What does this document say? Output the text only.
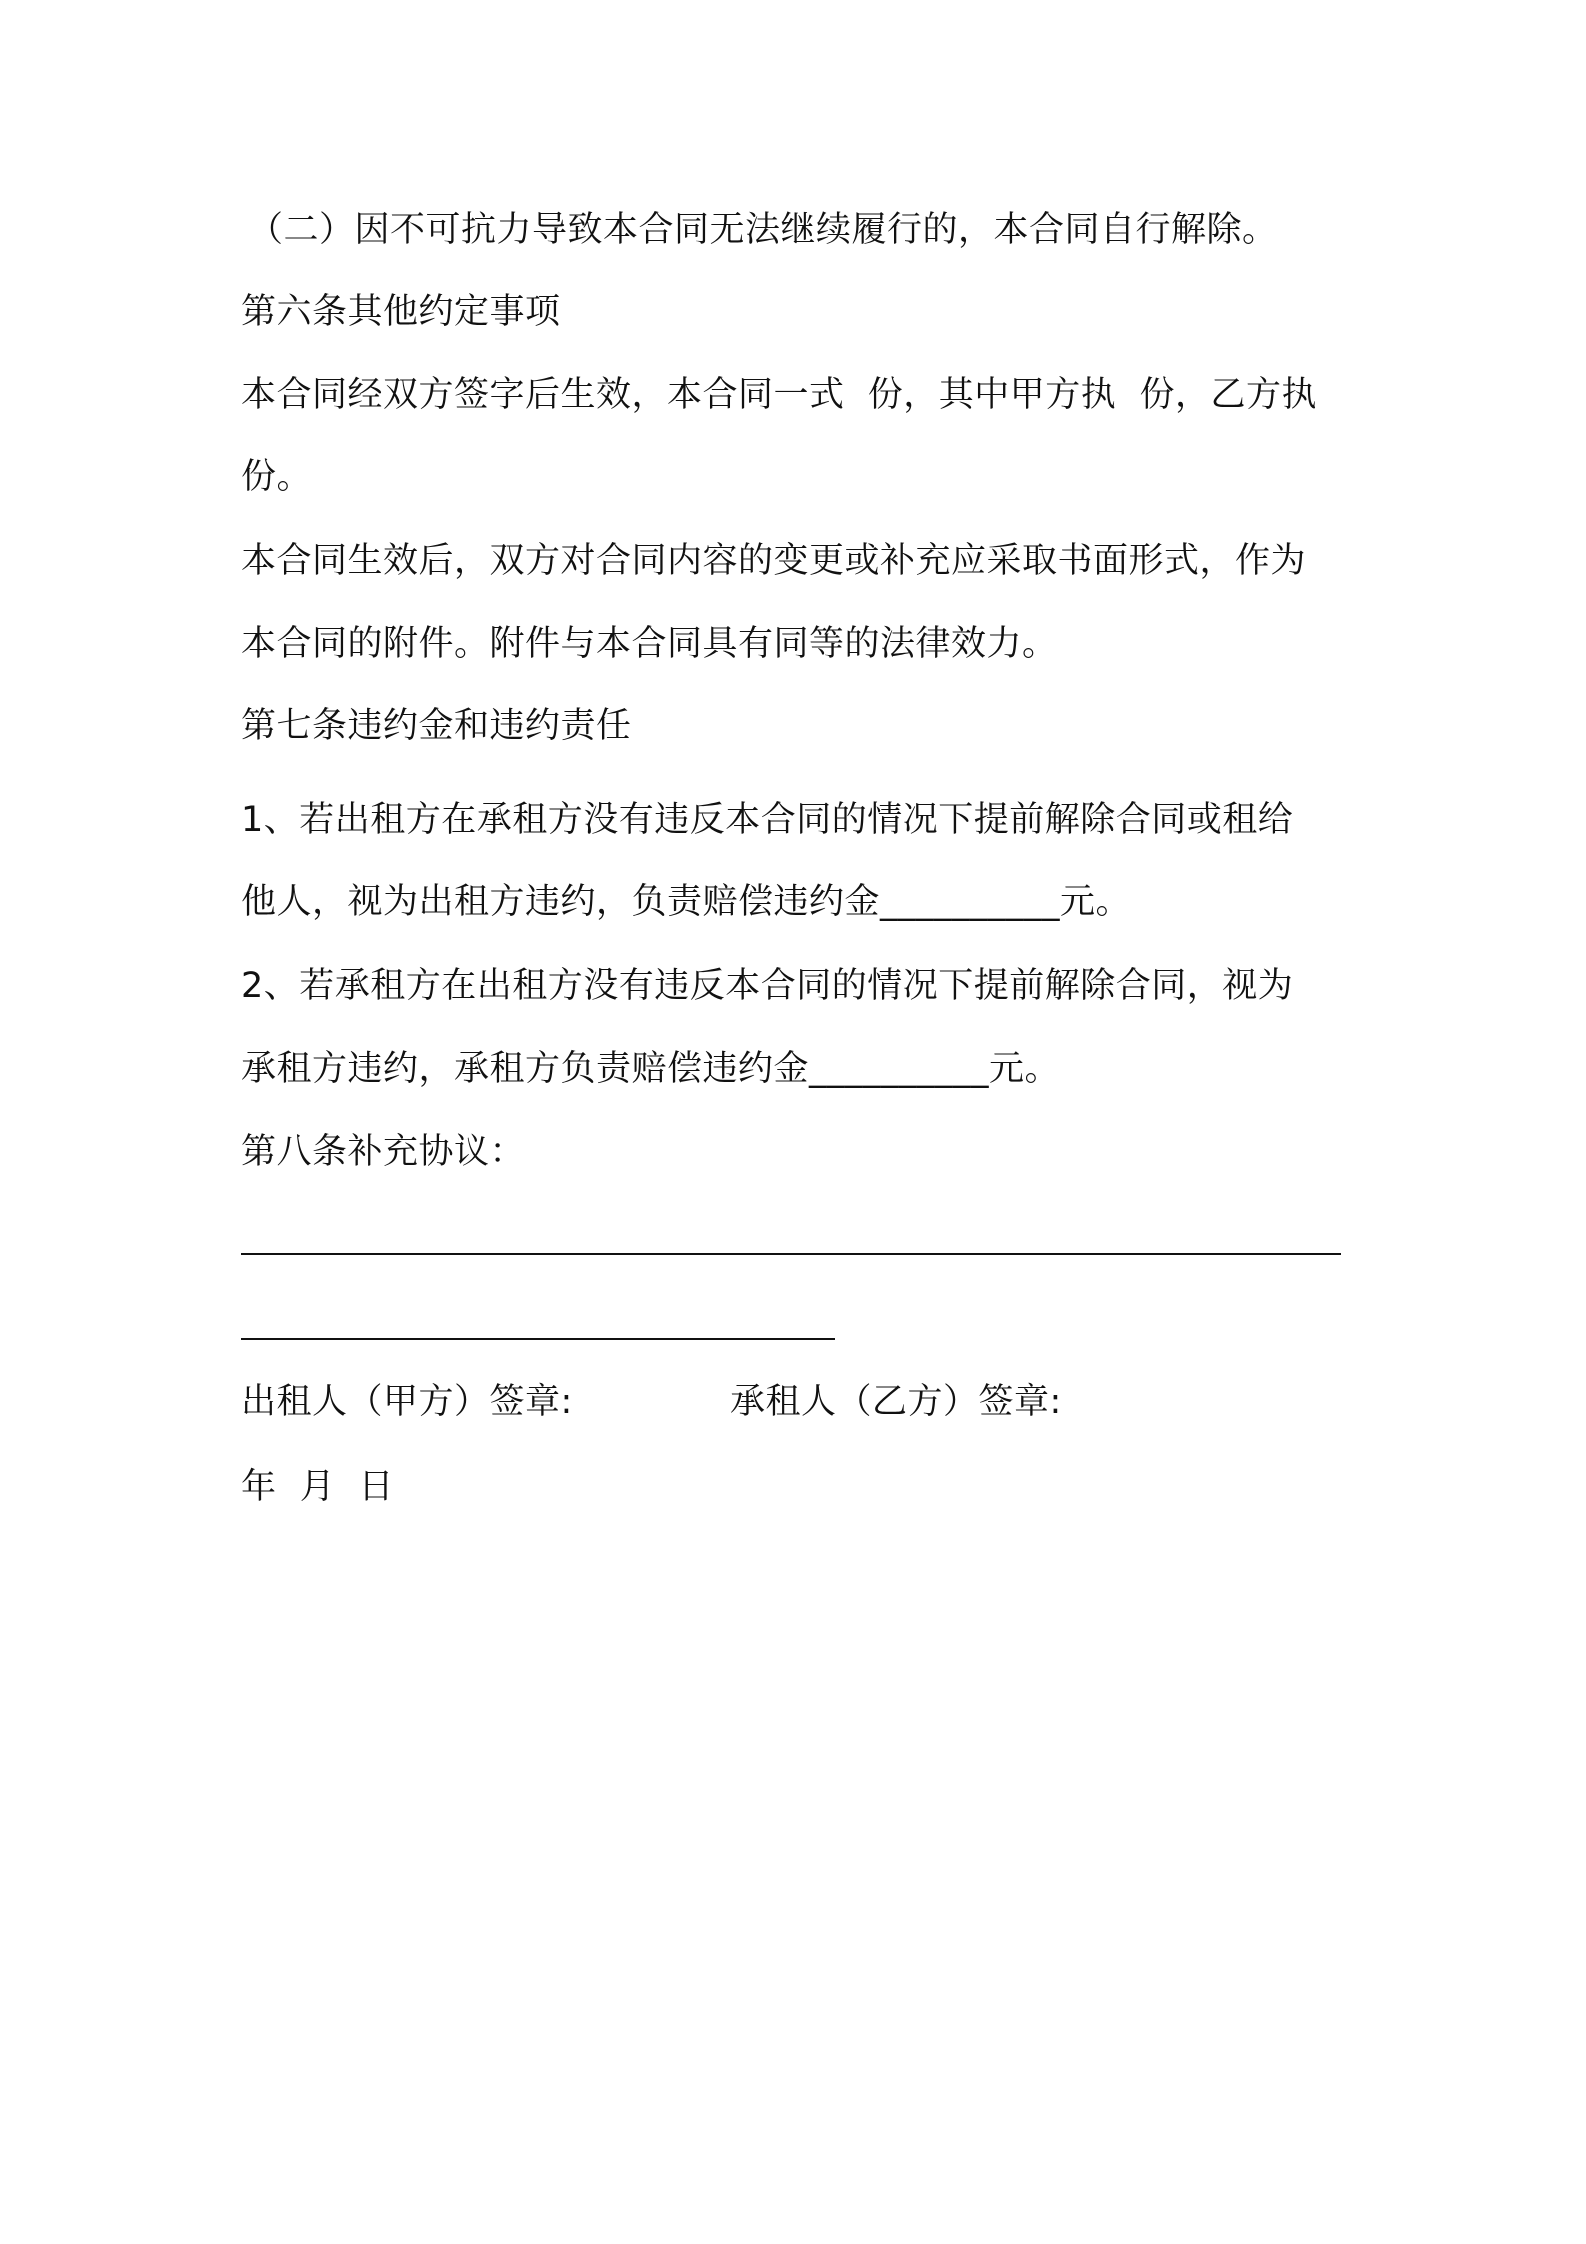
（二）因不可抗力导致本合同无法继续履行的，本合同自行解除。

第六条其他约定事项

本合同经双方签字后生效，本合同一式  份，其中甲方执  份，乙方执

份。

本合同生效后，双方对合同内容的变更或补充应采取书面形式，作为

本合同的附件。附件与本合同具有同等的法律效力。

第七条违约金和违约责任

1、若出租方在承租方没有违反本合同的情况下提前解除合同或租给

他人，视为出租方违约，负责赔偿违约金__________元。

2、若承租方在出租方没有违反本合同的情况下提前解除合同，视为

承租方违约，承租方负责赔偿违约金__________元。

第八条补充协议：

出租人（甲方）签章:	承租人（乙方）签章:

年  月  日
